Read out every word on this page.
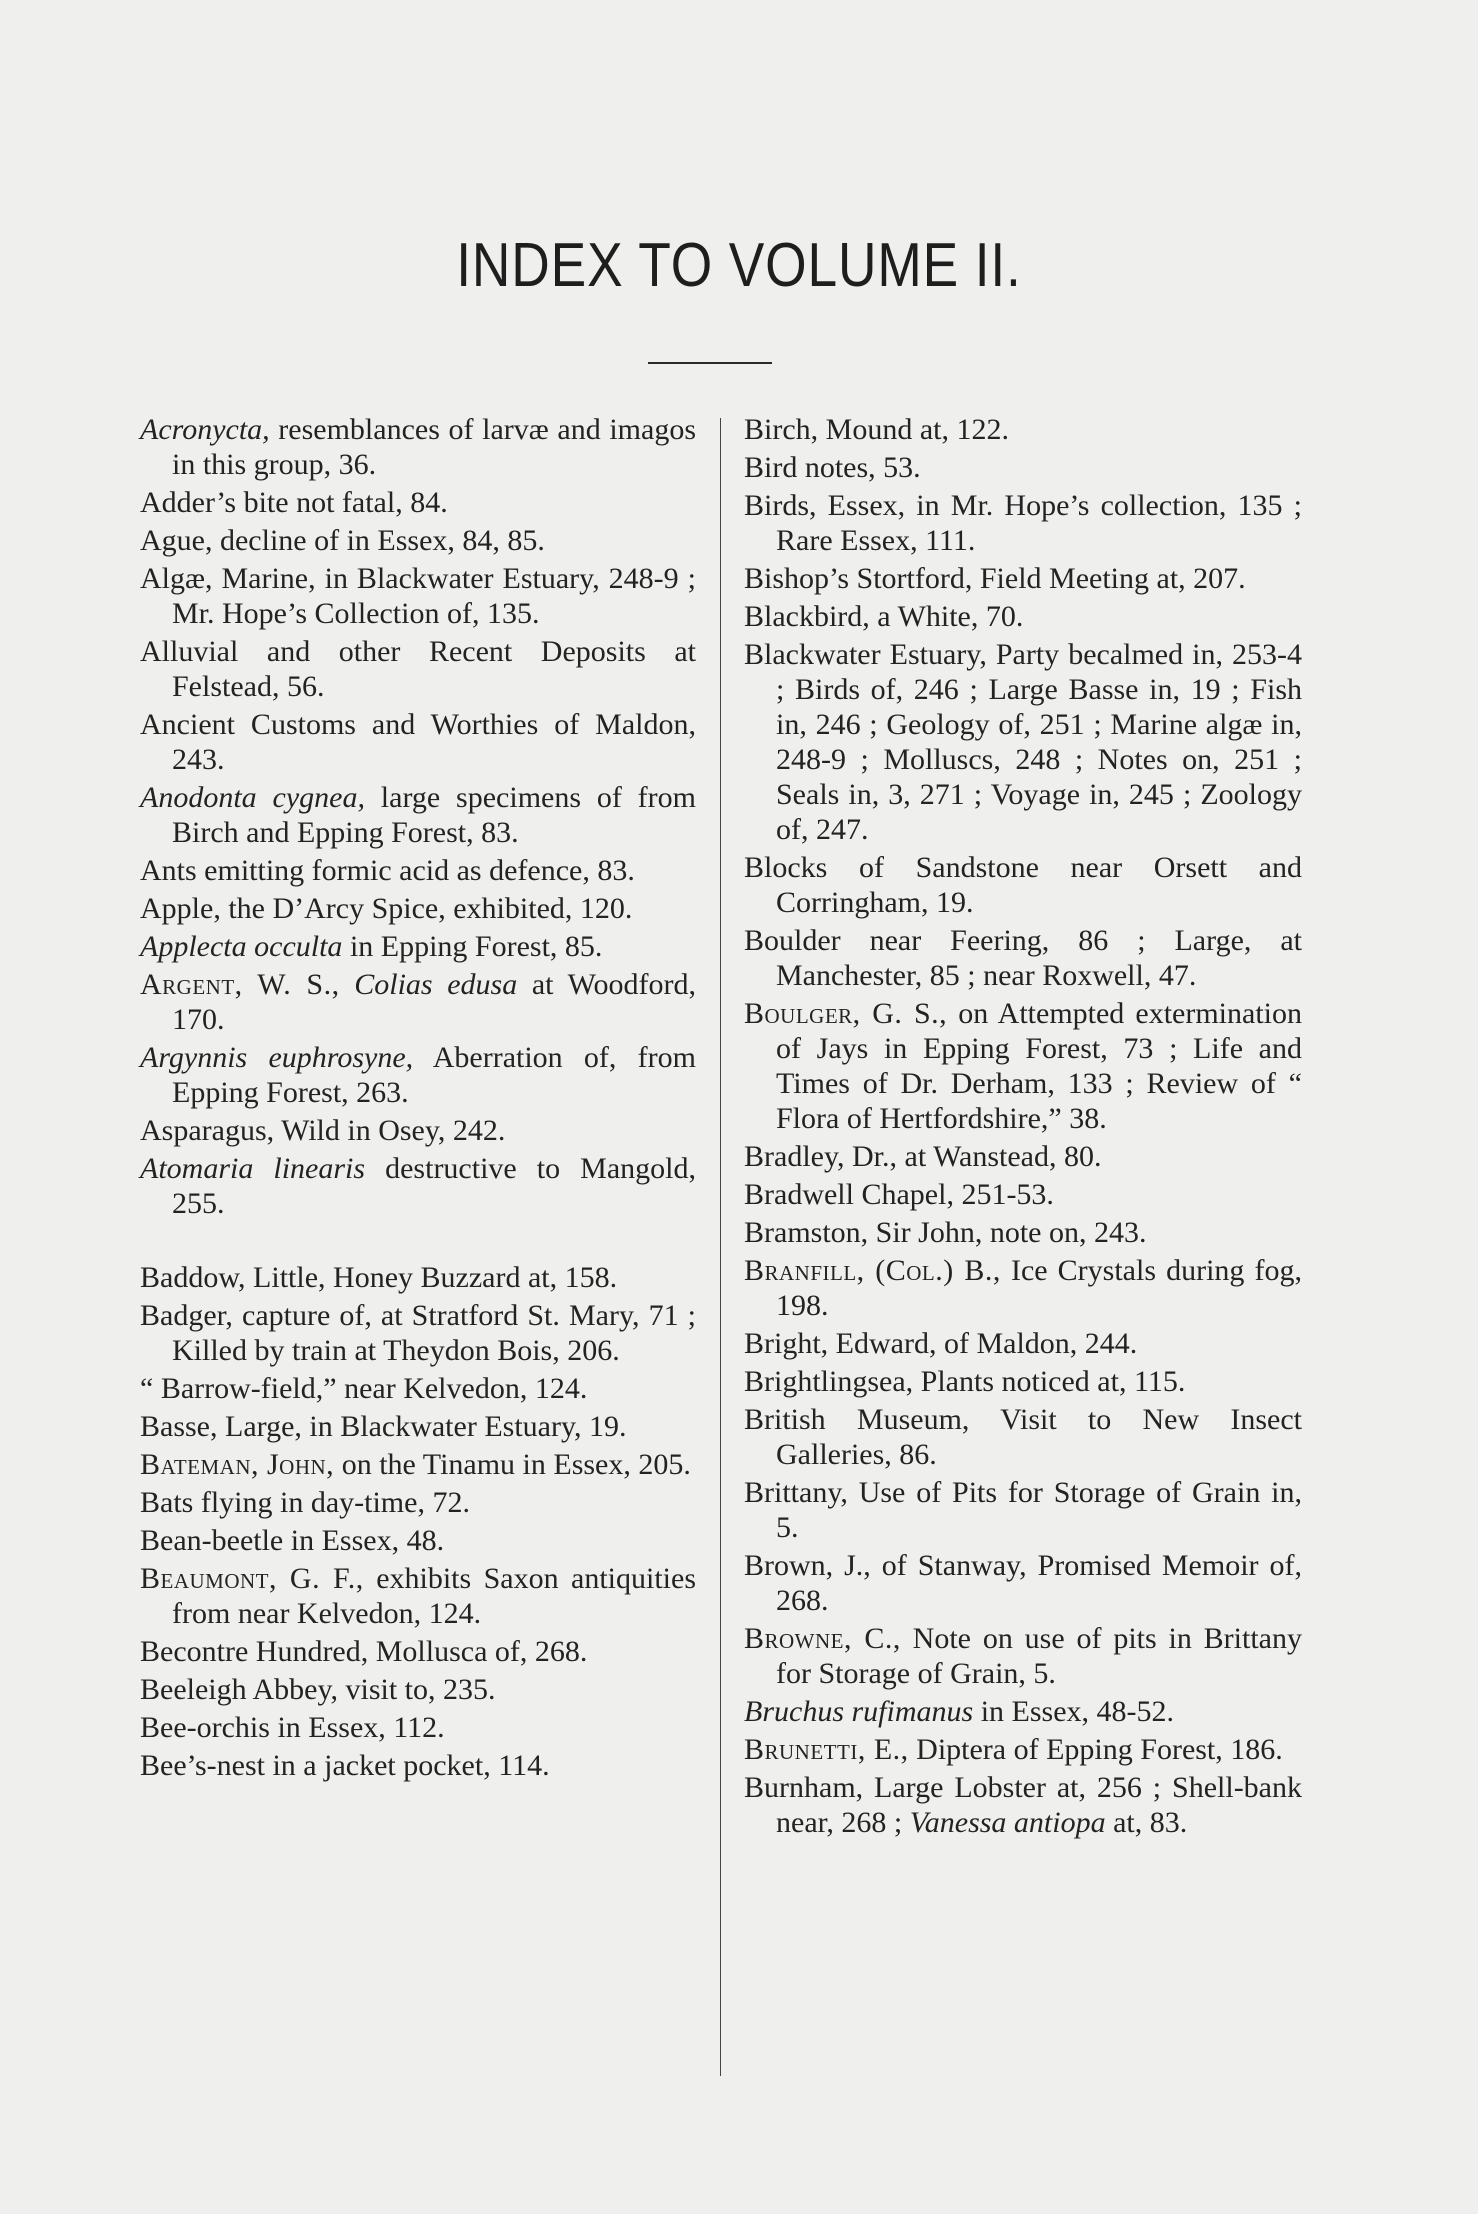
INDEX TO VOLUME II.
Acronycta, resemblances of larvæ and imagos in this group, 36.
Adder’s bite not fatal, 84.
Ague, decline of in Essex, 84, 85.
Algæ, Marine, in Blackwater Estuary, 248-9 ; Mr. Hope’s Collection of, 135.
Alluvial and other Recent Deposits at Felstead, 56.
Ancient Customs and Worthies of Maldon, 243.
Anodonta cygnea, large specimens of from Birch and Epping Forest, 83.
Ants emitting formic acid as defence, 83.
Apple, the D’Arcy Spice, exhibited, 120.
Applecta occulta in Epping Forest, 85.
Argent, W. S., Colias edusa at Woodford, 170.
Argynnis euphrosyne, Aberration of, from Epping Forest, 263.
Asparagus, Wild in Osey, 242.
Atomaria linearis destructive to Mangold, 255.
Baddow, Little, Honey Buzzard at, 158.
Badger, capture of, at Stratford St. Mary, 71 ; Killed by train at Theydon Bois, 206.
“ Barrow-field,” near Kelvedon, 124.
Basse, Large, in Blackwater Estuary, 19.
Bateman, John, on the Tinamu in Essex, 205.
Bats flying in day-time, 72.
Bean-beetle in Essex, 48.
Beaumont, G. F., exhibits Saxon antiquities from near Kelvedon, 124.
Becontre Hundred, Mollusca of, 268.
Beeleigh Abbey, visit to, 235.
Bee-orchis in Essex, 112.
Bee’s-nest in a jacket pocket, 114.
Birch, Mound at, 122.
Bird notes, 53.
Birds, Essex, in Mr. Hope’s collection, 135 ; Rare Essex, 111.
Bishop’s Stortford, Field Meeting at, 207.
Blackbird, a White, 70.
Blackwater Estuary, Party becalmed in, 253-4 ; Birds of, 246 ; Large Basse in, 19 ; Fish in, 246 ; Geology of, 251 ; Marine algæ in, 248-9 ; Molluscs, 248 ; Notes on, 251 ; Seals in, 3, 271 ; Voyage in, 245 ; Zoology of, 247.
Blocks of Sandstone near Orsett and Corringham, 19.
Boulder near Feering, 86 ; Large, at Manchester, 85 ; near Roxwell, 47.
Boulger, G. S., on Attempted extermination of Jays in Epping Forest, 73 ; Life and Times of Dr. Derham, 133 ; Review of “ Flora of Hertfordshire,” 38.
Bradley, Dr., at Wanstead, 80.
Bradwell Chapel, 251-53.
Bramston, Sir John, note on, 243.
Branfill, (Col.) B., Ice Crystals during fog, 198.
Bright, Edward, of Maldon, 244.
Brightlingsea, Plants noticed at, 115.
British Museum, Visit to New Insect Galleries, 86.
Brittany, Use of Pits for Storage of Grain in, 5.
Brown, J., of Stanway, Promised Memoir of, 268.
Browne, C., Note on use of pits in Brittany for Storage of Grain, 5.
Bruchus rufimanus in Essex, 48-52.
Brunetti, E., Diptera of Epping Forest, 186.
Burnham, Large Lobster at, 256 ; Shell-bank near, 268 ; Vanessa antiopa at, 83.
